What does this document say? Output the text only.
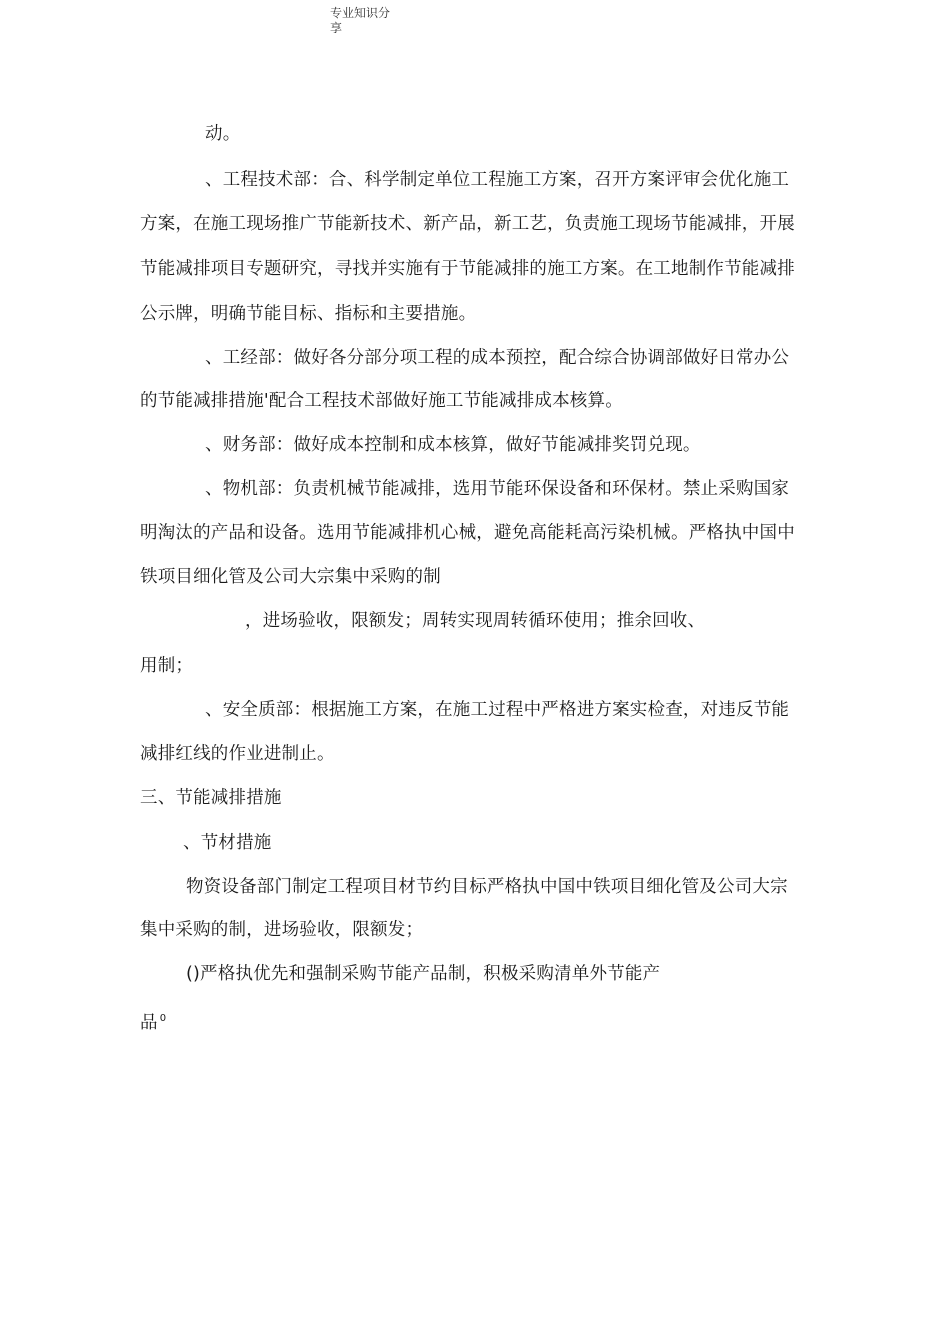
专业知识分
享
动。
、工程技术部：合、科学制定单位工程施工方案，召开方案评审会优化施工
方案，在施工现场推广节能新技术、新产品，新工艺，负责施工现场节能减排，开展
节能减排项目专题研究，寻找并实施有于节能减排的施工方案。在工地制作节能减排
公示牌，明确节能目标、指标和主要措施。
、工经部：做好各分部分项工程的成本预控，配合综合协调部做好日常办公
的节能减排措施'配合工程技术部做好施工节能减排成本核算。
、财务部：做好成本控制和成本核算，做好节能减排奖罚兑现。
、物机部：负责机械节能减排，选用节能环保设备和环保材。禁止采购国家
明淘汰的产品和设备。选用节能减排机心械，避免高能耗高污染机械。严格执中国中
铁项目细化管及公司大宗集中采购的制
，进场验收，限额发；周转实现周转循环使用；推余回收、
用制；
、安全质部：根据施工方案，在施工过程中严格进方案实检查，对违反节能
减排红线的作业进制止。
三、节能减排措施
、节材措施
物资设备部门制定工程项目材节约目标严格执中国中铁项目细化管及公司大宗
集中采购的制，进场验收，限额发；
()严格执优先和强制采购节能产品制，积极采购清单外节能产
品 $^0$
